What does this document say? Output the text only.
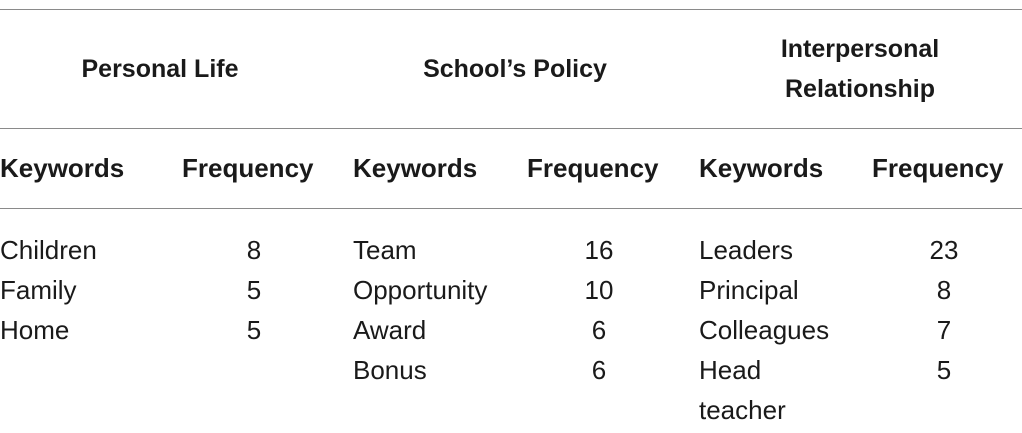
Personal Life	School’s Policy
Interpersonal Relationship
Keywords Frequency Keywords Frequency Keywords Frequency
Children
Family
Home
8
5
5
Team
Opportunity
Award
Bonus
16
10
6
6
Leaders
Principal
Colleagues
Head teacher
23
8
7
5
